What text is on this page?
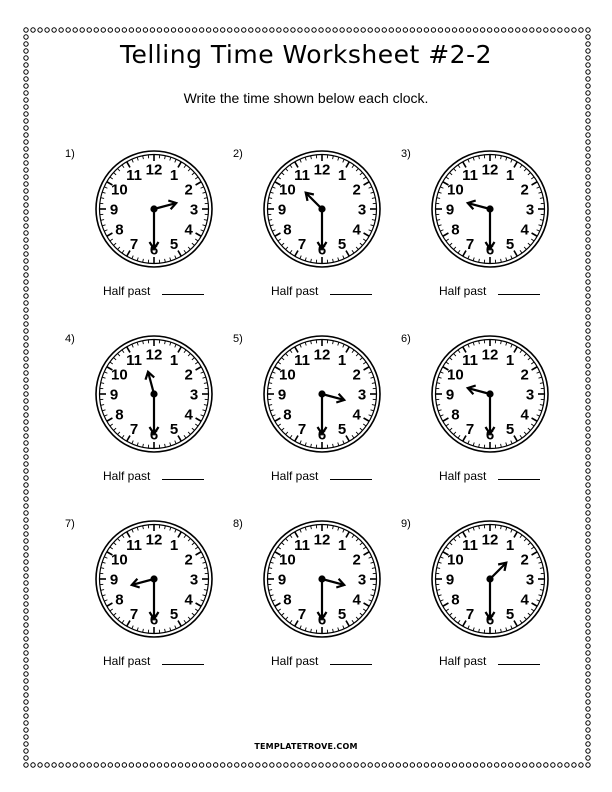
Telling Time Worksheet #2-2
Write the time shown below each clock.
1)
12 1
2
3
4
5
6
7
8
9
10
11
Half past
2)
12 1
2
3
4
5
6
7
8
9
10
11
Half past
3)
12 1
2
3
4
5
6
7
8
9
10
11
Half past
4)
12 1
2
3
4
5
6
7
8
9
10
11
Half past
5)
12 1
2
3
4
5
6
7
8
9
10
11
Half past
6)
12 1
2
3
4
5
6
7
8
9
10
11
Half past
7)
12 1
2
3
4
5
6
7
8
9
10
11
Half past
8)
12 1
2
3
4
5
6
7
8
9
10
11
Half past
9)
12 1
2
3
4
5
6
7
8
9
10
11
Half past
TEMPLATETROVE.COM
